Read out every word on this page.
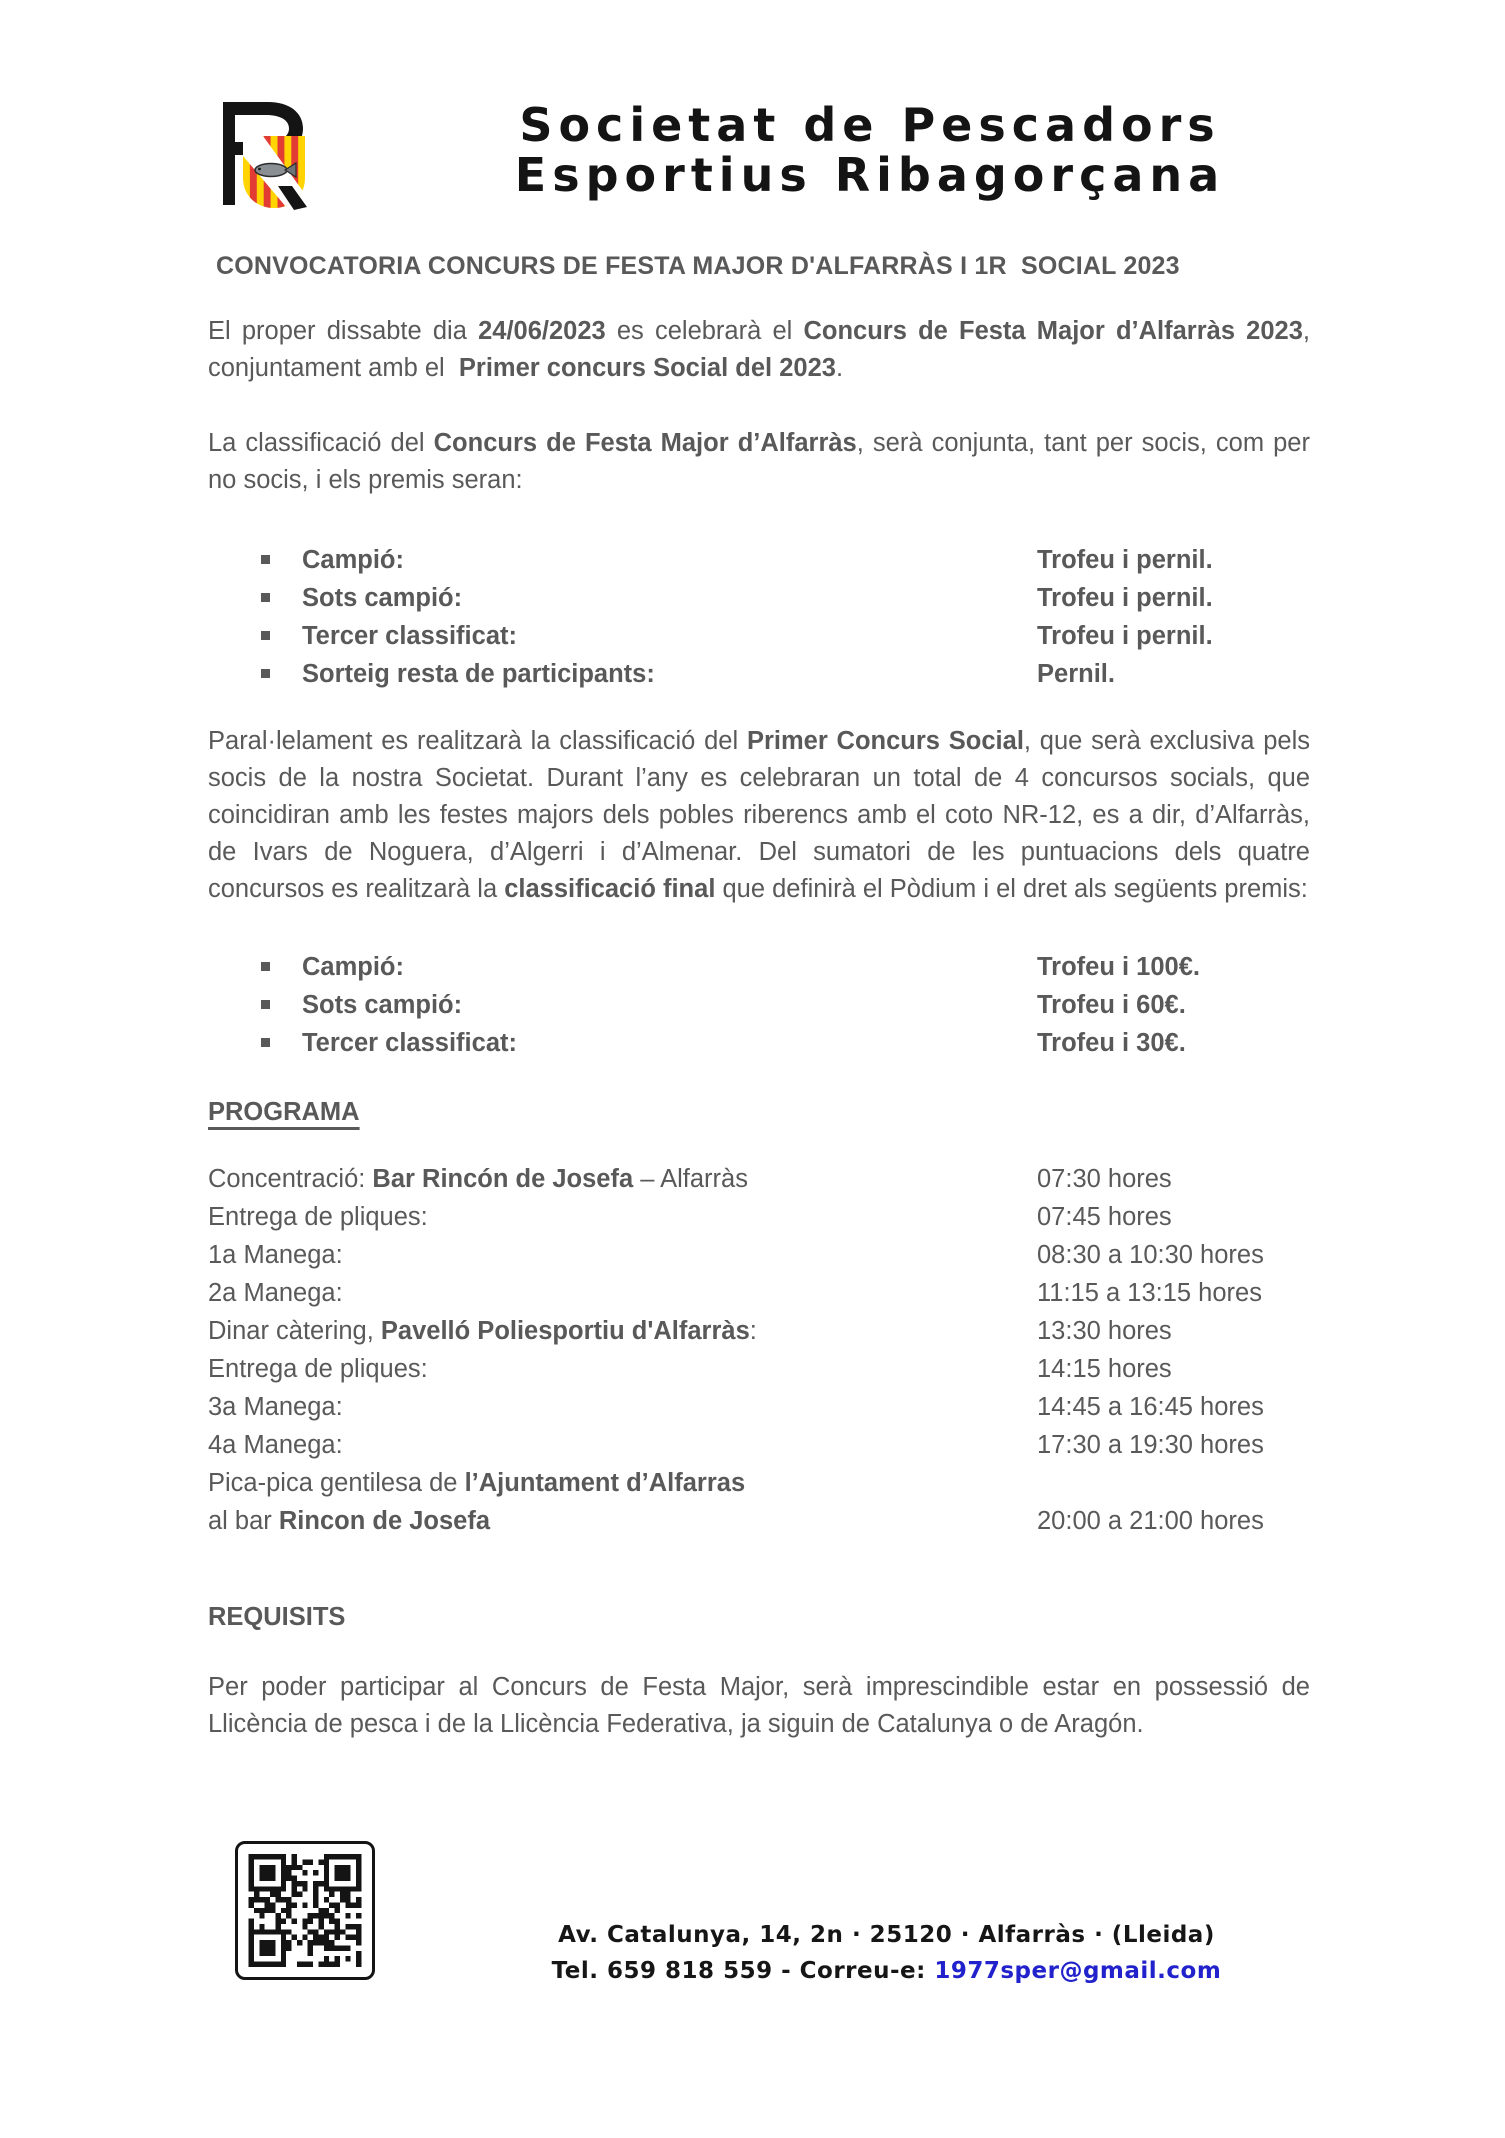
Societat de Pescadors
Esportius Ribagorçana
CONVOCATORIA CONCURS DE FESTA MAJOR D'ALFARRÀS I 1R  SOCIAL 2023

El proper dissabte dia 24/06/2023 es celebrarà el Concurs de Festa Major d’Alfarràs 2023, conjuntament amb el  Primer concurs Social del 2023.

La classificació del Concurs de Festa Major d’Alfarràs, serà conjunta, tant per socis, com per no socis, i els premis seran:

Campió:	Trofeu i pernil.
Sots campió:	Trofeu i pernil.
Tercer classificat:	Trofeu i pernil.
Sorteig resta de participants:	Pernil.

Paral·lelament es realitzarà la classificació del Primer Concurs Social, que serà exclusiva pels socis de la nostra Societat. Durant l’any es celebraran un total de 4 concursos socials, que coincidiran amb les festes majors dels pobles riberencs amb el coto NR-12, es a dir, d’Alfarràs, de Ivars de Noguera, d’Algerri i d’Almenar. Del sumatori de les puntuacions dels quatre concursos es realitzarà la classificació final que definirà el Pòdium i el dret als següents premis:

Campió:	Trofeu i 100€.
Sots campió:	Trofeu i 60€.
Tercer classificat:	Trofeu i 30€.
PROGRAMA
Concentració: Bar Rincón de Josefa – Alfarràs	07:30 hores
Entrega de pliques:	07:45 hores
1a Manega:	08:30 a 10:30 hores
2a Manega:	11:15 a 13:15 hores
Dinar càtering, Pavelló Poliesportiu d'Alfarràs:	13:30 hores
Entrega de pliques:	14:15 hores
3a Manega:	14:45 a 16:45 hores
4a Manega:	17:30 a 19:30 hores
Pica-pica gentilesa de l’Ajuntament d’Alfarras
al bar Rincon de Josefa	20:00 a 21:00 hores
REQUISITS

Per poder participar al Concurs de Festa Major, serà imprescindible estar en possessió de Llicència de pesca i de la Llicència Federativa, ja siguin de Catalunya o de Aragón.

Av. Catalunya, 14, 2n · 25120 · Alfarràs · (Lleida)
Tel. 659 818 559 - Correu-e: 1977sper@gmail.com
